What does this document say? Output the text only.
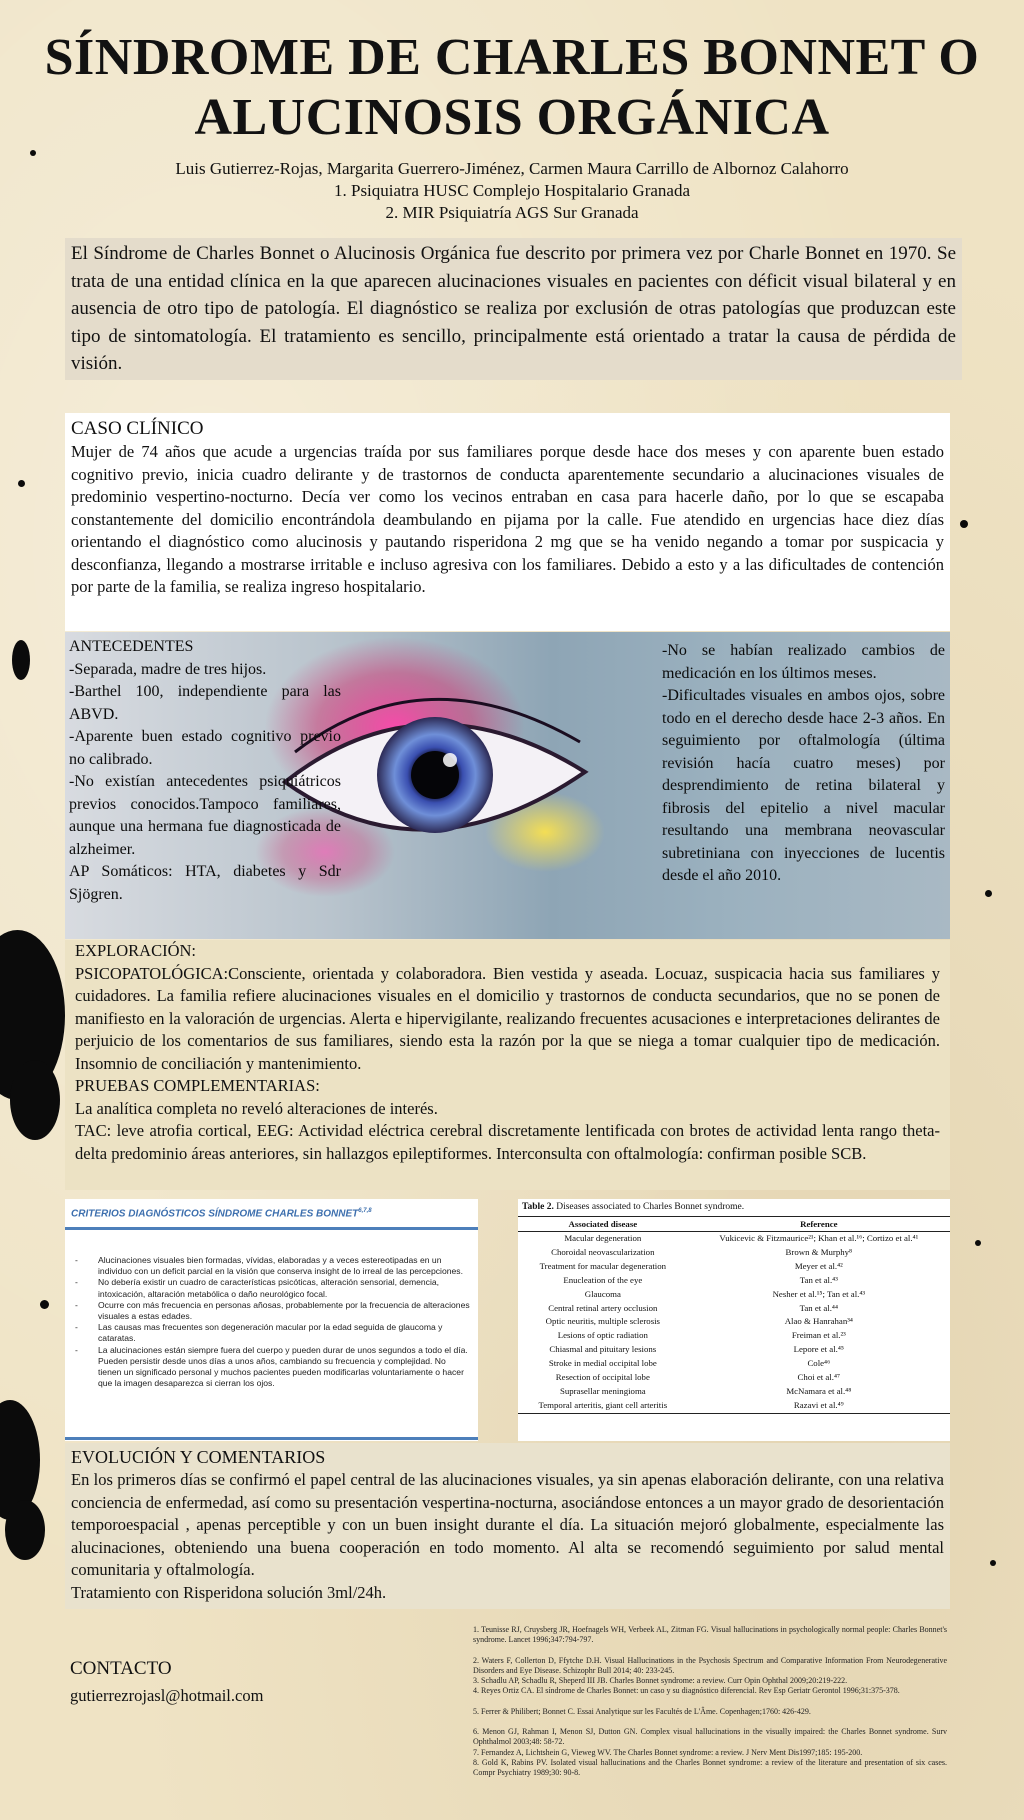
SÍNDROME DE CHARLES BONNET O ALUCINOSIS ORGÁNICA
Luis Gutierrez-Rojas, Margarita Guerrero-Jiménez, Carmen Maura Carrillo de Albornoz Calahorro
1. Psiquiatra HUSC Complejo Hospitalario Granada
2. MIR Psiquiatría AGS Sur Granada
El Síndrome de Charles Bonnet o Alucinosis Orgánica fue descrito por primera vez por Charle Bonnet en 1970. Se trata de una entidad clínica en la que aparecen alucinaciones visuales en pacientes con déficit visual bilateral y en ausencia de otro tipo de patología. El diagnóstico se realiza por exclusión de otras patologías que produzcan este tipo de sintomatología. El tratamiento es sencillo, principalmente está orientado a tratar la causa de pérdida de visión.
CASO CLÍNICO

Mujer de 74 años que acude a urgencias traída por sus familiares porque desde hace dos meses y con aparente buen estado cognitivo previo, inicia cuadro delirante y de trastornos de conducta aparentemente secundario a alucinaciones visuales de predominio vespertino-nocturno. Decía ver como los vecinos entraban en casa para hacerle daño, por lo que se escapaba constantemente del domicilio encontrándola deambulando en pijama por la calle. Fue atendido en urgencias hace diez días orientando el diagnóstico como alucinosis y pautando risperidona 2 mg que se ha venido negando a tomar por suspicacia y desconfianza, llegando a mostrarse irritable e incluso agresiva con los familiares. Debido a esto y a las dificultades de contención por parte de la familia, se realiza ingreso hospitalario.

ANTECEDENTES
-Separada, madre de tres hijos.
-Barthel 100, independiente para las ABVD.
-Aparente buen estado cognitivo previo no calibrado.
-No existían antecedentes psiquiátricos previos conocidos.Tampoco familiares, aunque una hermana fue diagnosticada de alzheimer.
AP Somáticos: HTA, diabetes y Sdr Sjögren.
-No se habían realizado cambios de medicación en los últimos meses.
-Dificultades visuales en ambos ojos, sobre todo en el derecho desde hace 2-3 años. En seguimiento por oftalmología (última revisión hacía cuatro meses) por desprendimiento de retina bilateral y fibrosis del epitelio a nivel macular resultando una membrana neovascular subretiniana con inyecciones de lucentis desde el año 2010.

EXPLORACIÓN:

PSICOPATOLÓGICA:Consciente, orientada y colaboradora. Bien vestida y aseada. Locuaz, suspicacia hacia sus familiares y cuidadores. La familia refiere alucinaciones visuales en el domicilio y trastornos de conducta secundarios, que no se ponen de manifiesto en la valoración de urgencias. Alerta e hipervigilante, realizando frecuentes acusaciones e interpretaciones delirantes de perjuicio de los comentarios de sus familiares, siendo esta la razón por la que se niega a tomar cualquier tipo de medicación. Insomnio de conciliación y mantenimiento.

PRUEBAS COMPLEMENTARIAS:

La analítica completa no reveló alteraciones de interés.

TAC: leve atrofia cortical, EEG: Actividad eléctrica cerebral discretamente lentificada con brotes de actividad lenta rango theta-delta predominio áreas anteriores, sin hallazgos epileptiformes. Interconsulta con oftalmología: confirman posible SCB.

CRITERIOS DIAGNÓSTICOS SÍNDROME CHARLES BONNET$^{6,7,8}$
- Alucinaciones visuales bien formadas, vívidas, elaboradas y a veces estereotipadas en un individuo con un deficit parcial en la visión que conserva insight de lo irreal de las percepciones.
- No debería existir un cuadro de características psicóticas, alteración sensorial, demencia, intoxicación, altaración metabólica o daño neurológico focal.
- Ocurre con más frecuencia en personas añosas, probablemente por la frecuencia de alteraciones visuales a estas edades.
- Las causas mas frecuentes son degeneración macular por la edad seguida de glaucoma y cataratas.
- La alucinaciones están siempre fuera del cuerpo y pueden durar de unos segundos a todo el día. Pueden persistir desde unos días a unos años, cambiando su frecuencia y complejidad. No tienen un significado personal y muchos pacientes pueden modificarlas voluntariamente o hacer que la imagen desaparezca si cierran los ojos.
Table 2. Diseases associated to Charles Bonnet syndrome.
Associated disease	Reference
Macular degeneration	Vukicevic & Fitzmaurice²¹; Khan et al.¹⁶; Cortizo et al.⁴¹
Choroidal neovascularization	Brown & Murphy⁸
Treatment for macular degeneration	Meyer et al.⁴²
Enucleation of the eye	Tan et al.⁴³
Glaucoma	Nesher et al.¹⁵; Tan et al.⁴³
Central retinal artery occlusion	Tan et al.⁴⁴
Optic neuritis, multiple sclerosis	Alao & Hanrahan³⁴
Lesions of optic radiation	Freiman et al.²³
Chiasmal and pituitary lesions	Lepore et al.⁴⁵
Stroke in medial occipital lobe	Cole⁴⁶
Resection of occipital lobe	Choi et al.⁴⁷
Suprasellar meningioma	McNamara et al.⁴⁸
Temporal arteritis, giant cell arteritis	Razavi et al.⁴⁹

EVOLUCIÓN Y COMENTARIOS

En los primeros días se confirmó el papel central de las alucinaciones visuales, ya sin apenas elaboración delirante, con una relativa conciencia de enfermedad, así como su presentación vespertina-nocturna, asociándose entonces a un mayor grado de desorientación temporoespacial , apenas perceptible y con un buen insight durante el día. La situación mejoró globalmente, especialmente las alucinaciones, obteniendo una buena cooperación en todo momento. Al alta se recomendó seguimiento por salud mental comunitaria y oftalmología.

Tratamiento con Risperidona solución 3ml/24h.

CONTACTO
gutierrezrojasl@hotmail.com
1. Teunisse RJ, Cruysberg JR, Hoefnagels WH, Verbeek AL, Zitman FG. Visual hallucinations in psychologically normal people: Charles Bonnet's syndrome. Lancet 1996;347:794-797.
2. Waters F, Collerton D, Ffytche D.H. Visual Hallucinations in the Psychosis Spectrum and Comparative Information From Neurodegenerative Disorders and Eye Disease. Schizophr Bull 2014; 40: 233-245.
3. Schadlu AP, Schadlu R, Sheperd III JB. Charles Bonnet syndrome: a review. Curr Opin Ophthal 2009;20:219-222.
4. Reyes Ortiz CA. El síndrome de Charles Bonnet: un caso y su diagnóstico diferencial. Rev Esp Geriatr Gerontol 1996;31:375-378.
5. Ferrer & Philibert; Bonnet C. Essai Analytique sur les Facultés de L'Âme. Copenhagen;1760: 426-429.
6. Menon GJ, Rahman I, Menon SJ, Dutton GN. Complex visual hallucinations in the visually impaired: the Charles Bonnet syndrome. Surv Ophthalmol 2003;48: 58-72.
7. Fernandez A, Lichtshein G, Vieweg WV. The Charles Bonnet syndrome: a review. J Nerv Ment Dis1997;185: 195-200.
8. Gold K, Rabins PV. Isolated visual hallucinations and the Charles Bonnet syndrome: a review of the literature and presentation of six cases. Compr Psychiatry 1989;30: 90-8.
